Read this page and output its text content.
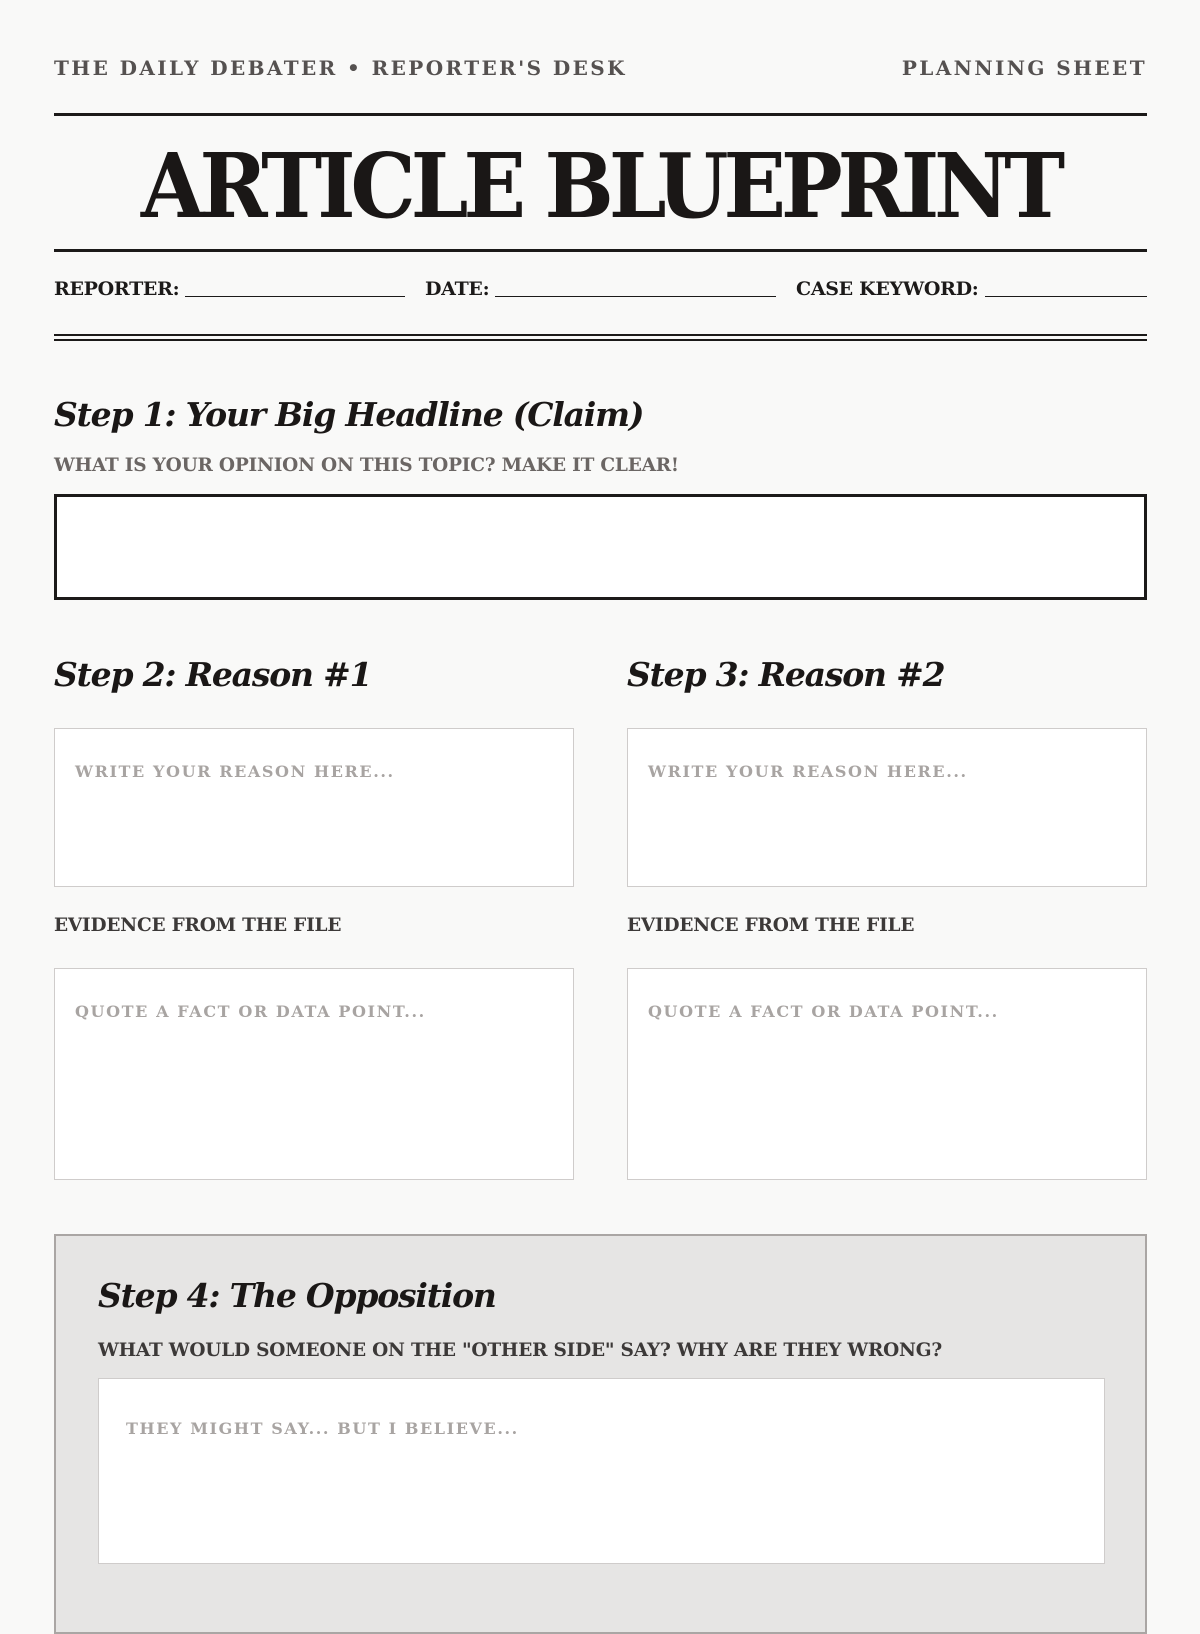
THE DAILY DEBATER • REPORTER'S DESK	PLANNING SHEET
ARTICLE BLUEPRINT
REPORTER:	DATE:	CASE KEYWORD:
Step 1: Your Big Headline (Claim)
WHAT IS YOUR OPINION ON THIS TOPIC? MAKE IT CLEAR!
Step 2: Reason #1
WRITE YOUR REASON HERE...
EVIDENCE FROM THE FILE
QUOTE A FACT OR DATA POINT...
Step 3: Reason #2
WRITE YOUR REASON HERE...
EVIDENCE FROM THE FILE
QUOTE A FACT OR DATA POINT...
Step 4: The Opposition
WHAT WOULD SOMEONE ON THE "OTHER SIDE" SAY? WHY ARE THEY WRONG?
THEY MIGHT SAY... BUT I BELIEVE...
